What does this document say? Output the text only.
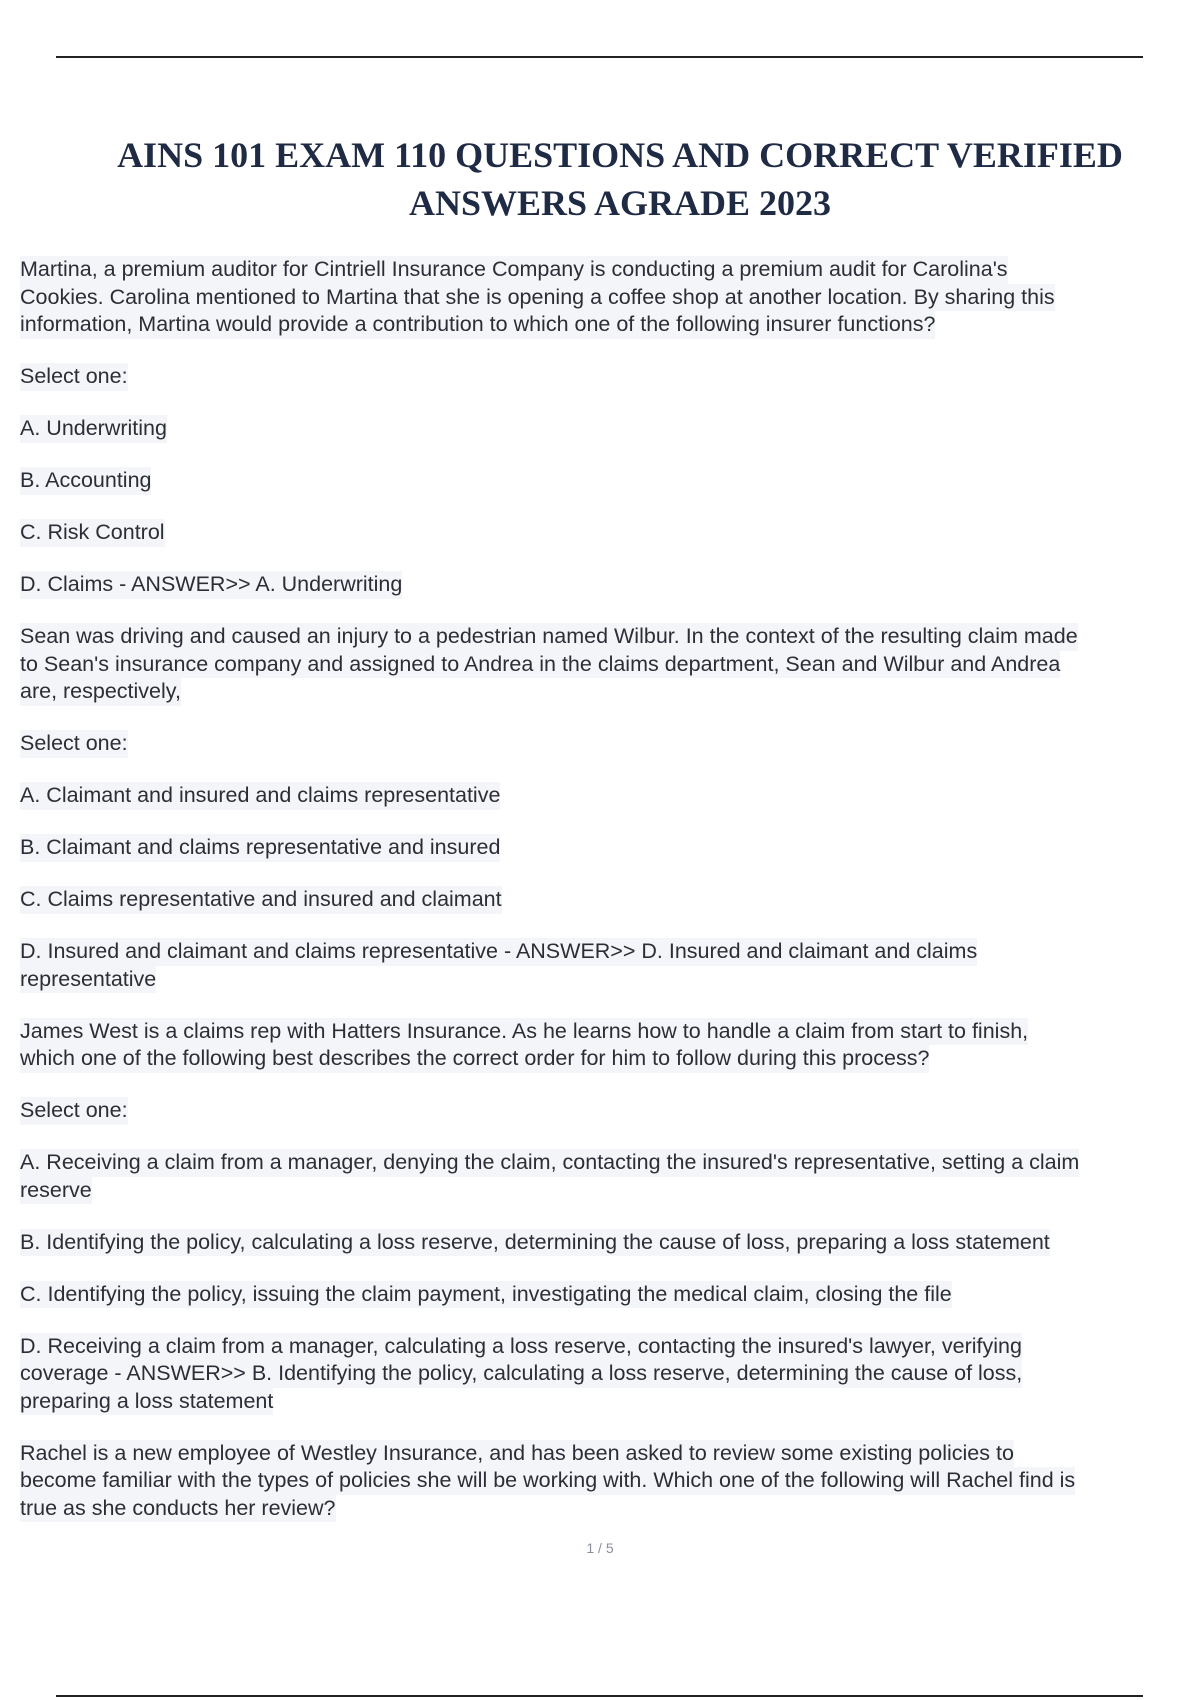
AINS 101 EXAM 110 QUESTIONS AND CORRECT VERIFIED
ANSWERS AGRADE 2023
Martina, a premium auditor for Cintriell Insurance Company is conducting a premium audit for Carolina's
Cookies. Carolina mentioned to Martina that she is opening a coffee shop at another location. By sharing this
information, Martina would provide a contribution to which one of the following insurer functions?
Select one:
A. Underwriting
B. Accounting
C. Risk Control
D. Claims - ANSWER>> A. Underwriting
Sean was driving and caused an injury to a pedestrian named Wilbur. In the context of the resulting claim made
to Sean's insurance company and assigned to Andrea in the claims department, Sean and Wilbur and Andrea
are, respectively,
Select one:
A. Claimant and insured and claims representative
B. Claimant and claims representative and insured
C. Claims representative and insured and claimant
D. Insured and claimant and claims representative - ANSWER>> D. Insured and claimant and claims
representative
James West is a claims rep with Hatters Insurance. As he learns how to handle a claim from start to finish,
which one of the following best describes the correct order for him to follow during this process?
Select one:
A. Receiving a claim from a manager, denying the claim, contacting the insured's representative, setting a claim
reserve
B. Identifying the policy, calculating a loss reserve, determining the cause of loss, preparing a loss statement
C. Identifying the policy, issuing the claim payment, investigating the medical claim, closing the file
D. Receiving a claim from a manager, calculating a loss reserve, contacting the insured's lawyer, verifying
coverage - ANSWER>> B. Identifying the policy, calculating a loss reserve, determining the cause of loss,
preparing a loss statement
Rachel is a new employee of Westley Insurance, and has been asked to review some existing policies to
become familiar with the types of policies she will be working with. Which one of the following will Rachel find is
true as she conducts her review?
1 / 5
